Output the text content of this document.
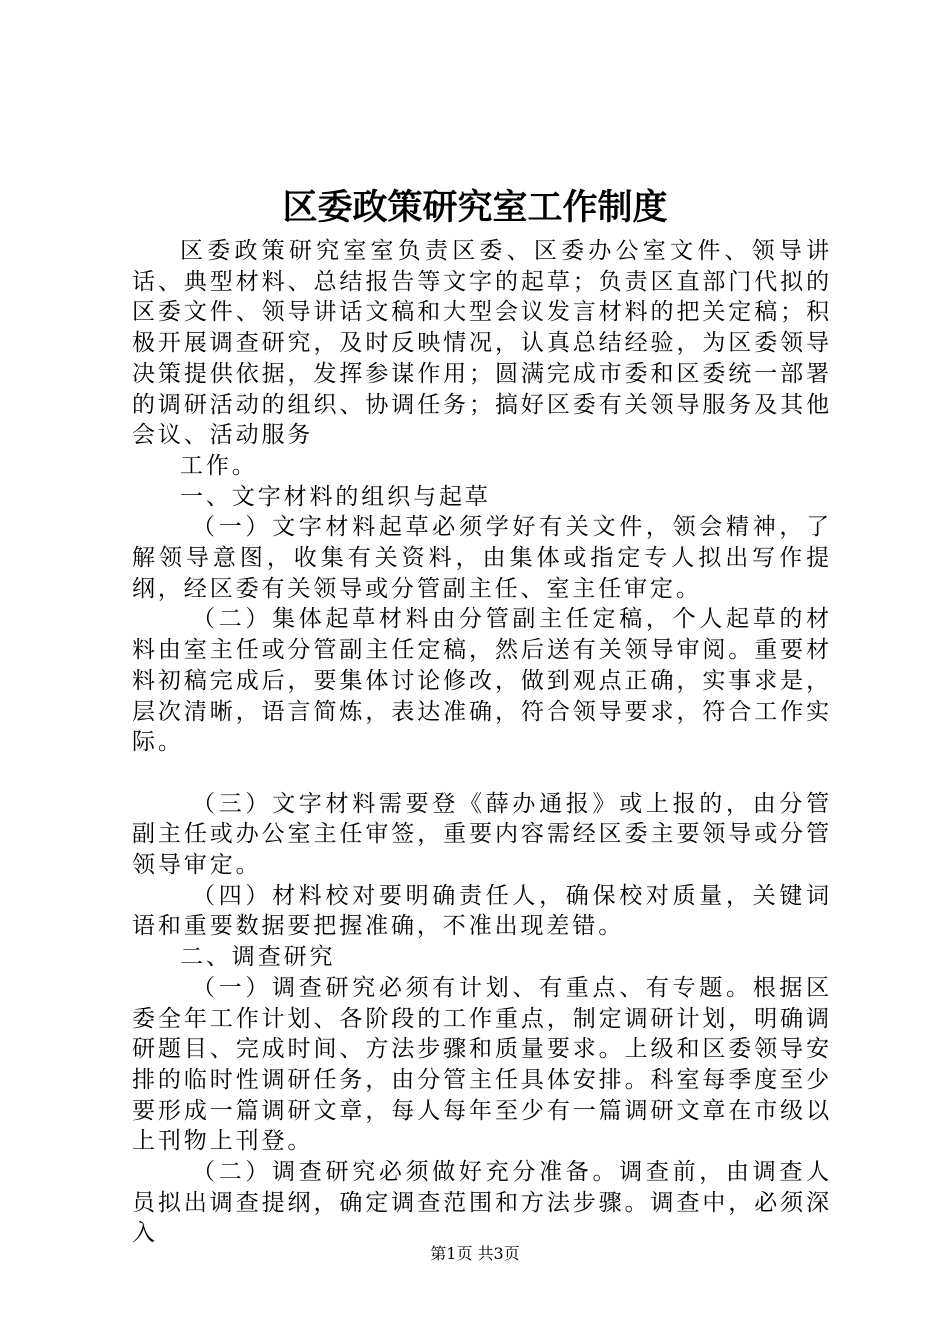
区委政策研究室工作制度

区委政策研究室室负责区委、区委办公室文件、领导讲话、典型材料、总结报告等文字的起草；负责区直部门代拟的区委文件、领导讲话文稿和大型会议发言材料的把关定稿；积极开展调查研究，及时反映情况，认真总结经验，为区委领导决策提供依据，发挥参谋作用；圆满完成市委和区委统一部署的调研活动的组织、协调任务；搞好区委有关领导服务及其他会议、活动服务

工作。

一、文字材料的组织与起草

（一）文字材料起草必须学好有关文件，领会精神，了解领导意图，收集有关资料，由集体或指定专人拟出写作提纲，经区委有关领导或分管副主任、室主任审定。

（二）集体起草材料由分管副主任定稿，个人起草的材料由室主任或分管副主任定稿，然后送有关领导审阅。重要材料初稿完成后，要集体讨论修改，做到观点正确，实事求是，层次清晰，语言简炼，表达准确，符合领导要求，符合工作实际。

（三）文字材料需要登《薛办通报》或上报的，由分管副主任或办公室主任审签，重要内容需经区委主要领导或分管领导审定。

（四）材料校对要明确责任人，确保校对质量，关键词语和重要数据要把握准确，不准出现差错。

二、调查研究

（一）调查研究必须有计划、有重点、有专题。根据区委全年工作计划、各阶段的工作重点，制定调研计划，明确调研题目、完成时间、方法步骤和质量要求。上级和区委领导安排的临时性调研任务，由分管主任具体安排。科室每季度至少要形成一篇调研文章，每人每年至少有一篇调研文章在市级以上刊物上刊登。

（二）调查研究必须做好充分准备。调查前，由调查人员拟出调查提纲，确定调查范围和方法步骤。调查中，必须深入

第1页 共3页
